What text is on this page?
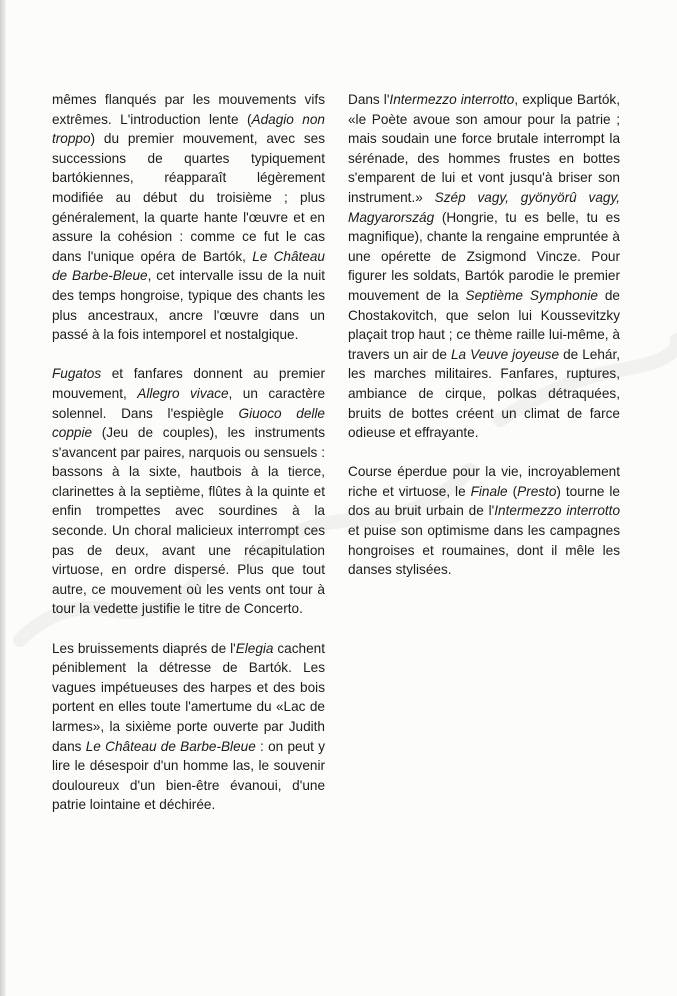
mêmes flanqués par les mouvements vifs extrêmes. L'introduction lente (Adagio non troppo) du premier mouvement, avec ses successions de quartes typiquement bartókiennes, réapparaît légèrement modifiée au début du troisième ; plus généralement, la quarte hante l'œuvre et en assure la cohésion : comme ce fut le cas dans l'unique opéra de Bartók, Le Château de Barbe-Bleue, cet intervalle issu de la nuit des temps hongroise, typique des chants les plus ancestraux, ancre l'œuvre dans un passé à la fois intemporel et nostalgique.

Fugatos et fanfares donnent au premier mouvement, Allegro vivace, un caractère solennel. Dans l'espiègle Giuoco delle coppie (Jeu de couples), les instruments s'avancent par paires, narquois ou sensuels : bassons à la sixte, hautbois à la tierce, clarinettes à la septième, flûtes à la quinte et enfin trompettes avec sourdines à la seconde. Un choral malicieux interrompt ces pas de deux, avant une récapitulation virtuose, en ordre dispersé. Plus que tout autre, ce mouvement où les vents ont tour à tour la vedette justifie le titre de Concerto.

Les bruissements diaprés de l'Elegia cachent péniblement la détresse de Bartók. Les vagues impétueuses des harpes et des bois portent en elles toute l'amertume du «Lac de larmes», la sixième porte ouverte par Judith dans Le Château de Barbe-Bleue : on peut y lire le désespoir d'un homme las, le souvenir douloureux d'un bien-être évanoui, d'une patrie lointaine et déchirée.

Dans l'Intermezzo interrotto, explique Bartók, «le Poète avoue son amour pour la patrie ; mais soudain une force brutale interrompt la sérénade, des hommes frustes en bottes s'emparent de lui et vont jusqu'à briser son instrument.» Szép vagy, gyönyörû vagy, Magyarország (Hongrie, tu es belle, tu es magnifique), chante la rengaine empruntée à une opérette de Zsigmond Vincze. Pour figurer les soldats, Bartók parodie le premier mouvement de la Septième Symphonie de Chostakovitch, que selon lui Koussevitzky plaçait trop haut ; ce thème raille lui-même, à travers un air de La Veuve joyeuse de Lehár, les marches militaires. Fanfares, ruptures, ambiance de cirque, polkas détraquées, bruits de bottes créent un climat de farce odieuse et effrayante.

Course éperdue pour la vie, incroyablement riche et virtuose, le Finale (Presto) tourne le dos au bruit urbain de l'Intermezzo interrotto et puise son optimisme dans les campagnes hongroises et roumaines, dont il mêle les danses stylisées.
